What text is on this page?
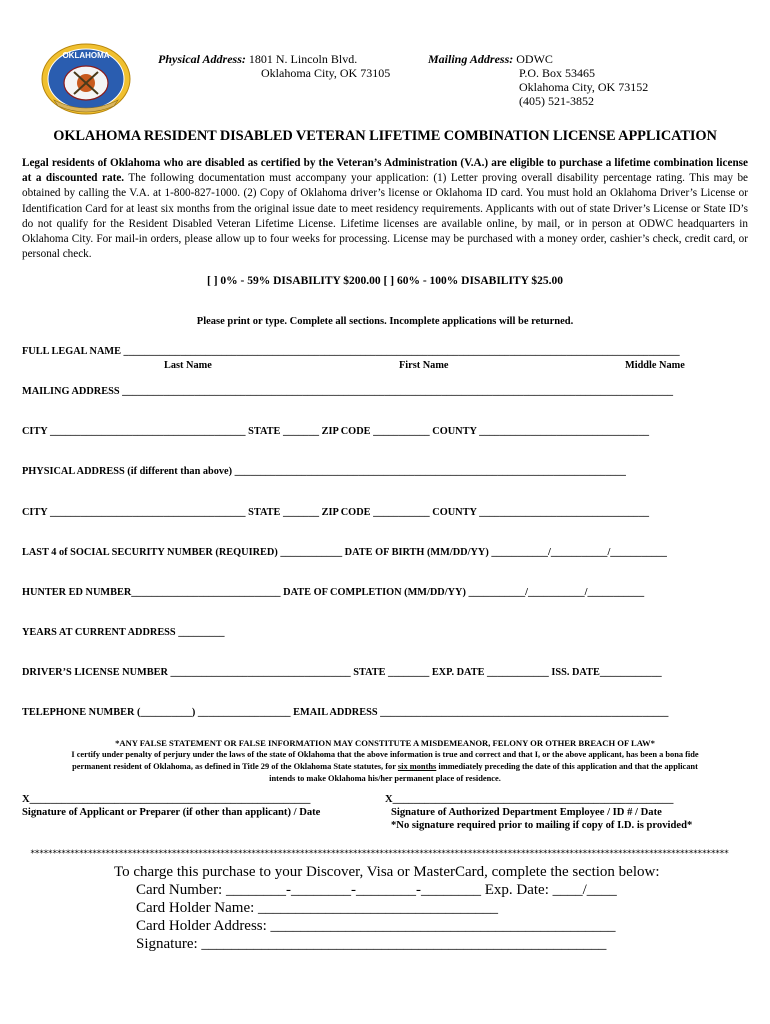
OKLAHOMA	Physical Address: 1801 N. Lincoln Blvd.
Oklahoma City, OK 73105
Mailing Address: ODWC
P.O. Box 53465
Oklahoma City, OK 73152
(405) 521-3852
OKLAHOMA RESIDENT DISABLED VETERAN LIFETIME COMBINATION LICENSE APPLICATION
Legal residents of Oklahoma who are disabled as certified by the Veteran’s Administration (V.A.) are eligible to purchase a lifetime combination license at a discounted rate. The following documentation must accompany your application: (1) Letter proving overall disability percentage rating. This may be obtained by calling the V.A. at 1-800-827-1000. (2) Copy of Oklahoma driver’s license or Oklahoma ID card. You must hold an Oklahoma Driver’s License or Identification Card for at least six months from the original issue date to meet residency requirements. Applicants with out of state Driver’s License or State ID’s do not qualify for the Resident Disabled Veteran Lifetime License. Lifetime licenses are available online, by mail, or in person at ODWC headquarters in Oklahoma City. For mail-in orders, please allow up to four weeks for processing. License may be purchased with a money order, cashier’s check, credit card, or personal check.
[ ] 0% - 59% DISABILITY $200.00 [ ] 60% - 100% DISABILITY $25.00
Please print or type. Complete all sections. Incomplete applications will be returned.
FULL LEGAL NAME ____________________________________________________________________________________________________________
Last Name	First Name	Middle Name
MAILING ADDRESS ___________________________________________________________________________________________________________
CITY ______________________________________ STATE _______ ZIP CODE ___________ COUNTY _________________________________
PHYSICAL ADDRESS (if different than above) ____________________________________________________________________________
CITY ______________________________________ STATE _______ ZIP CODE ___________ COUNTY _________________________________
LAST 4 of SOCIAL SECURITY NUMBER (REQUIRED) ____________ DATE OF BIRTH (MM/DD/YY) ___________/___________/___________
HUNTER ED NUMBER_____________________________ DATE OF COMPLETION (MM/DD/YY) ___________/___________/___________
YEARS AT CURRENT ADDRESS _________
DRIVER’S LICENSE NUMBER ___________________________________ STATE ________ EXP. DATE ____________ ISS. DATE____________
TELEPHONE NUMBER (__________) __________________ EMAIL ADDRESS ________________________________________________________
*ANY FALSE STATEMENT OR FALSE INFORMATION MAY CONSTITUTE A MISDEMEANOR, FELONY OR OTHER BREACH OF LAW*
I certify under penalty of perjury under the laws of the state of Oklahoma that the above information is true and correct and that I, or the above applicant, has been a bona fide
permanent resident of Oklahoma, as defined in Title 29 of the Oklahoma State statutes, for six months immediately preceding the date of this application and that the applicant
intends to make Oklahoma his/her permanent place of residence.
X_____________________________________________________
Signature of Applicant or Preparer (if other than applicant) / Date
X_____________________________________________________
Signature of Authorized Department Employee / ID # / Date
*No signature required prior to mailing if copy of I.D. is provided*
**************************************************************************************************************************************************************
To charge this purchase to your Discover, Visa or MasterCard, complete the section below:
Card Number: ________-________-________-________ Exp. Date: ____/____
Card Holder Name: ________________________________
Card Holder Address: ______________________________________________
Signature: ______________________________________________________
